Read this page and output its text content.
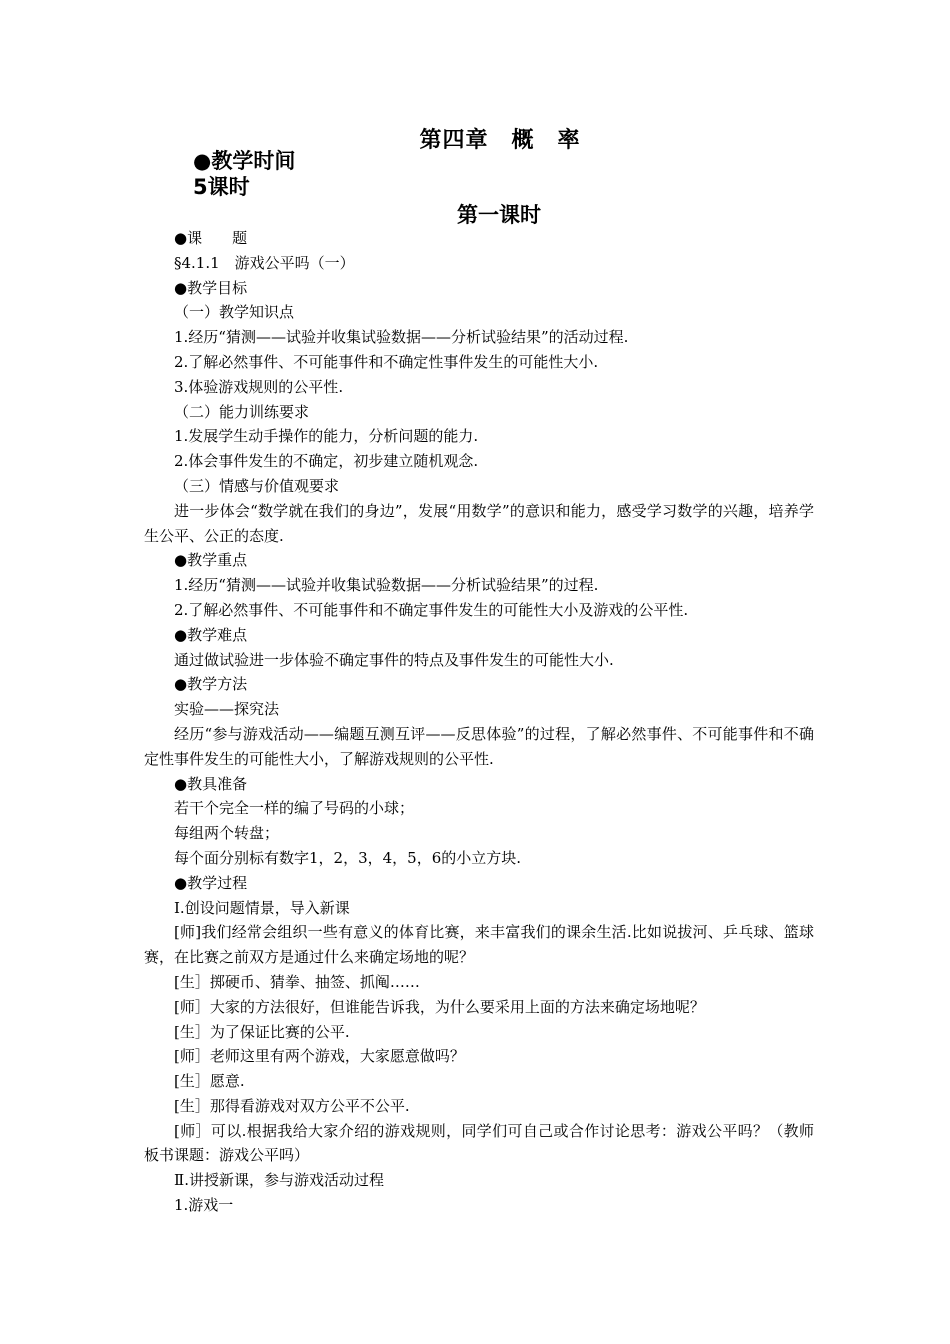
第四章　概　率
●教学时间
5课时
第一课时

●课　　题

§4.1.1　游戏公平吗（一）

●教学目标

（一）教学知识点

1.经历“猜测——试验并收集试验数据——分析试验结果”的活动过程.

2.了解必然事件、不可能事件和不确定性事件发生的可能性大小.

3.体验游戏规则的公平性.

（二）能力训练要求

1.发展学生动手操作的能力，分析问题的能力.

2.体会事件发生的不确定，初步建立随机观念.

（三）情感与价值观要求

进一步体会“数学就在我们的身边”，发展“用数学”的意识和能力，感受学习数学的兴趣，培养学生公平、公正的态度.

●教学重点

1.经历“猜测——试验并收集试验数据——分析试验结果”的过程.

2.了解必然事件、不可能事件和不确定事件发生的可能性大小及游戏的公平性.

●教学难点

通过做试验进一步体验不确定事件的特点及事件发生的可能性大小.

●教学方法

实验——探究法

经历“参与游戏活动——编题互测互评——反思体验”的过程，了解必然事件、不可能事件和不确定性事件发生的可能性大小，了解游戏规则的公平性.

●教具准备

若干个完全一样的编了号码的小球；

每组两个转盘；

每个面分别标有数字1，2，3，4，5，6的小立方块.

●教学过程

Ⅰ.创设问题情景，导入新课

[师]我们经常会组织一些有意义的体育比赛，来丰富我们的课余生活.比如说拔河、乒乓球、篮球赛，在比赛之前双方是通过什么来确定场地的呢？

[生］掷硬币、猜拳、抽签、抓阄……

[师］大家的方法很好，但谁能告诉我，为什么要采用上面的方法来确定场地呢？

[生］为了保证比赛的公平.

[师］老师这里有两个游戏，大家愿意做吗？

[生］愿意.

[生］那得看游戏对双方公平不公平.

[师］可以.根据我给大家介绍的游戏规则，同学们可自己或合作讨论思考：游戏公平吗？（教师板书课题：游戏公平吗）

Ⅱ.讲授新课，参与游戏活动过程

1.游戏一
